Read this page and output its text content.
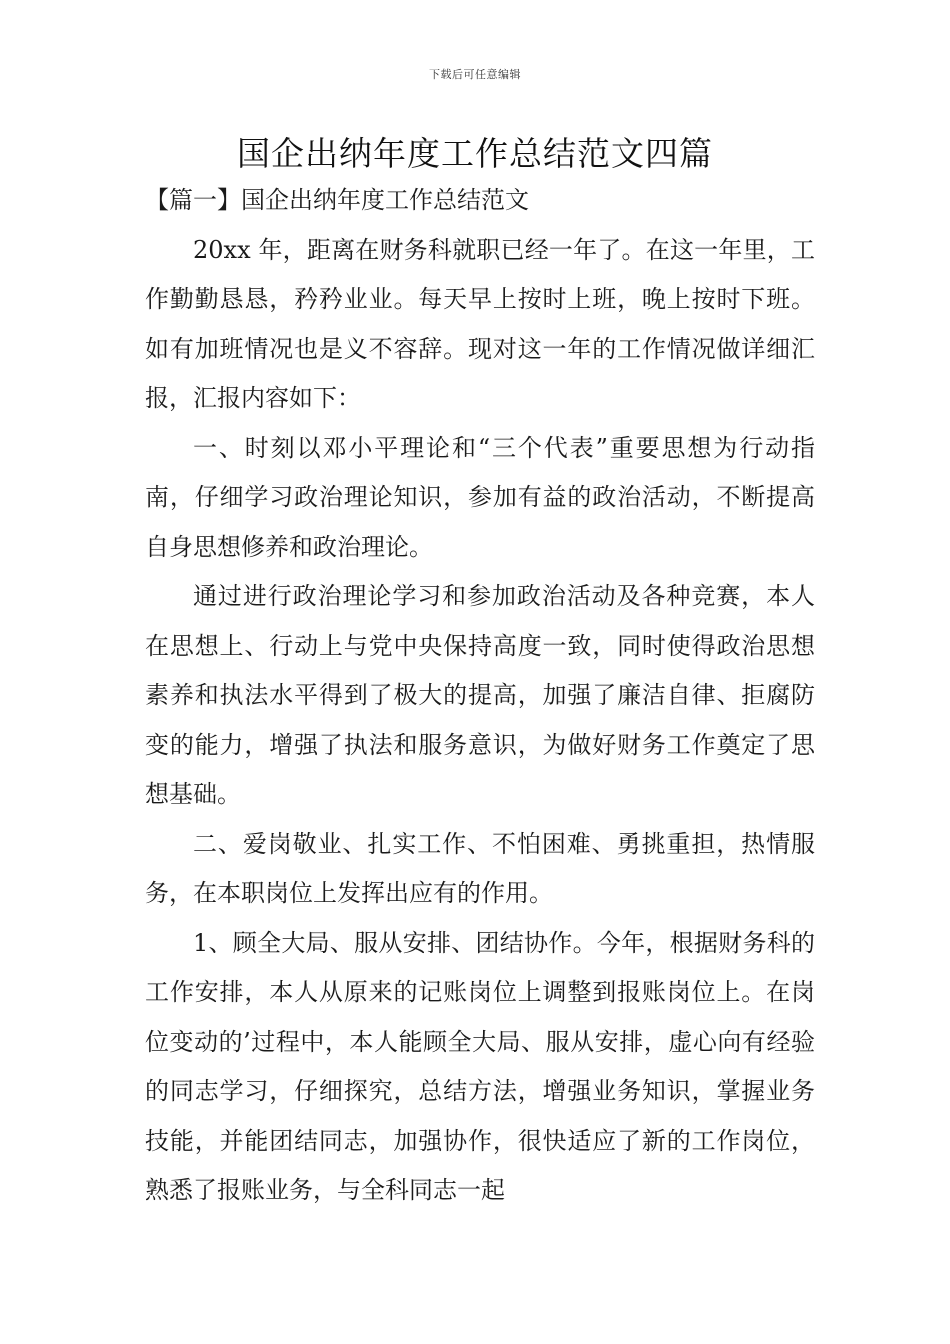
下载后可任意编辑
国企出纳年度工作总结范文四篇

【篇一】国企出纳年度工作总结范文

20xx 年，距离在财务科就职已经一年了。在这一年里，工作勤勤恳恳，矜矜业业。每天早上按时上班，晚上按时下班。如有加班情况也是义不容辞。现对这一年的工作情况做详细汇报，汇报内容如下：

一、时刻以邓小平理论和“三个代表”重要思想为行动指南，仔细学习政治理论知识，参加有益的政治活动，不断提高自身思想修养和政治理论。

通过进行政治理论学习和参加政治活动及各种竞赛，本人在思想上、行动上与党中央保持高度一致，同时使得政治思想素养和执法水平得到了极大的提高，加强了廉洁自律、拒腐防变的能力，增强了执法和服务意识，为做好财务工作奠定了思想基础。

二、爱岗敬业、扎实工作、不怕困难、勇挑重担，热情服务，在本职岗位上发挥出应有的作用。

1、顾全大局、服从安排、团结协作。今年，根据财务科的工作安排，本人从原来的记账岗位上调整到报账岗位上。在岗位变动的’过程中，本人能顾全大局、服从安排，虚心向有经验的同志学习，仔细探究，总结方法，增强业务知识，掌握业务技能，并能团结同志，加强协作，很快适应了新的工作岗位，熟悉了报账业务，与全科同志一起
